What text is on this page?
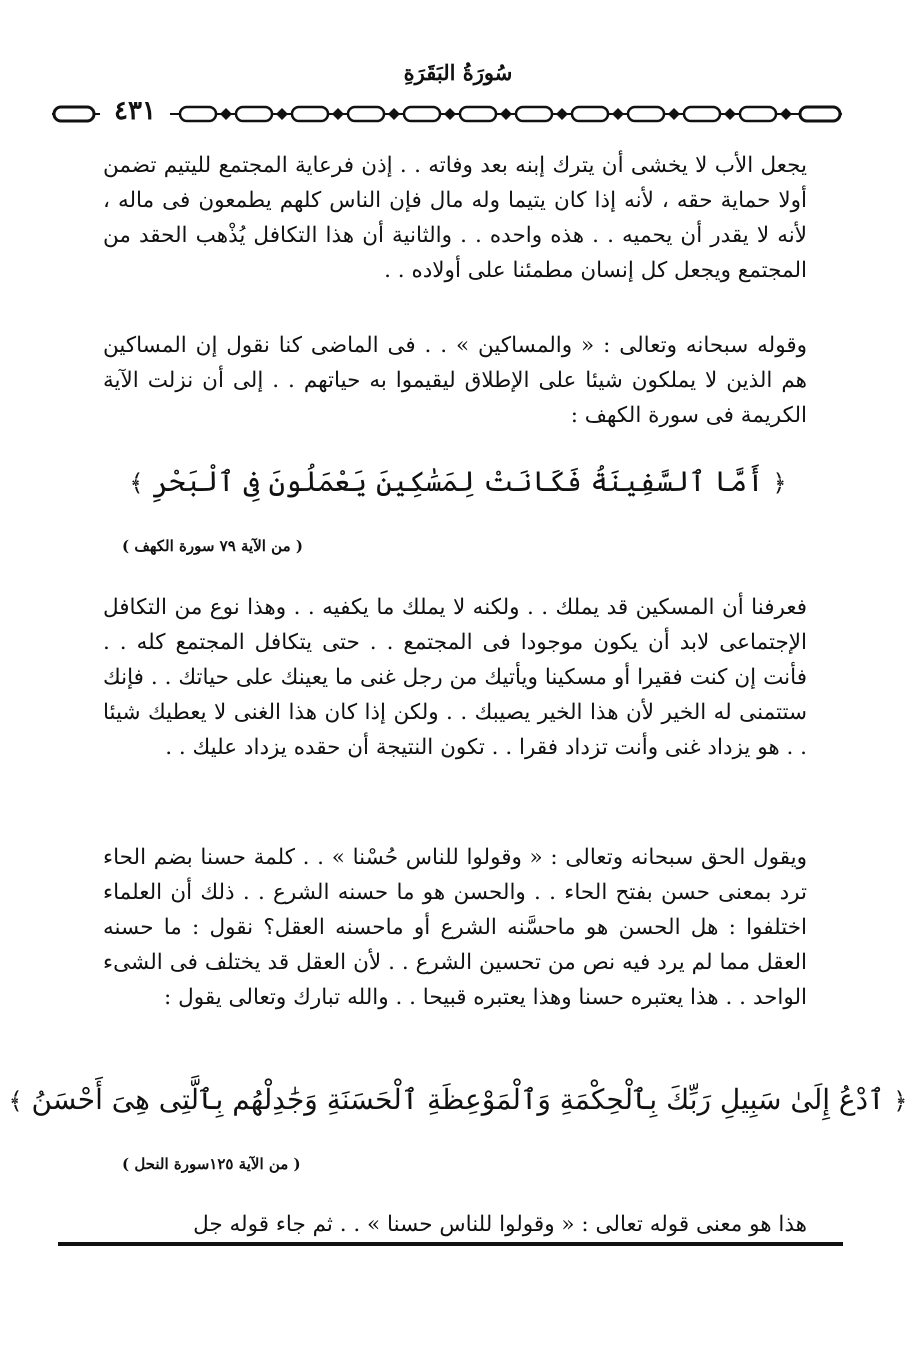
سُورَةُ البَقَرَةِ
٤٣١

يجعل الأب لا يخشى أن يترك إبنه بعد وفاته . . إذن فرعاية المجتمع لليتيم تضمن أولا حماية حقه ، لأنه إذا كان يتيما وله مال فإن الناس كلهم يطمعون فى ماله ، لأنه لا يقدر أن يحميه . . هذه واحده . . والثانية أن هذا التكافل يُذْهب الحقد من المجتمع ويجعل كل إنسان مطمئنا على أولاده . .

وقوله سبحانه وتعالى : « والمساكين » . . فى الماضى كنا نقول إن المساكين هم الذين لا يملكون شيئا على الإطلاق ليقيموا به حياتهم . . إلى أن نزلت الآية الكريمة فى سورة الكهف :

﴿ أَمَّا ٱلسَّفِينَةُ فَكَانَتْ لِمَسَٰكِينَ يَعْمَلُونَ فِى ٱلْبَحْرِ ﴾
( من الآية ٧٩ سورة الكهف )

فعرفنا أن المسكين قد يملك . . ولكنه لا يملك ما يكفيه . . وهذا نوع من التكافل الإجتماعى لابد أن يكون موجودا فى المجتمع . . حتى يتكافل المجتمع كله . . فأنت إن كنت فقيرا أو مسكينا ويأتيك من رجل غنى ما يعينك على حياتك . . فإنك ستتمنى له الخير لأن هذا الخير يصيبك . . ولكن إذا كان هذا الغنى لا يعطيك شيئا . . هو يزداد غنى وأنت تزداد فقرا . . تكون النتيجة أن حقده يزداد عليك . .

ويقول الحق سبحانه وتعالى : « وقولوا للناس حُسْنا » . . كلمة حسنا بضم الحاء ترد بمعنى حسن بفتح الحاء . . والحسن هو ما حسنه الشرع . . ذلك أن العلماء اختلفوا : هل الحسن هو ماحسَّنه الشرع أو ماحسنه العقل؟ نقول : ما حسنه العقل مما لم يرد فيه نص من تحسين الشرع . . لأن العقل قد يختلف فى الشىء الواحد . . هذا يعتبره حسنا وهذا يعتبره قبيحا . . والله تبارك وتعالى يقول :

﴿ ٱدْعُ إِلَىٰ سَبِيلِ رَبِّكَ بِٱلْحِكْمَةِ وَٱلْمَوْعِظَةِ ٱلْحَسَنَةِ وَجَٰدِلْهُم بِٱلَّتِى هِىَ أَحْسَنُ ﴾
( من الآية ١٢٥سورة النحل )
هذا هو معنى قوله تعالى : « وقولوا للناس حسنا » . . ثم جاء قوله جل
